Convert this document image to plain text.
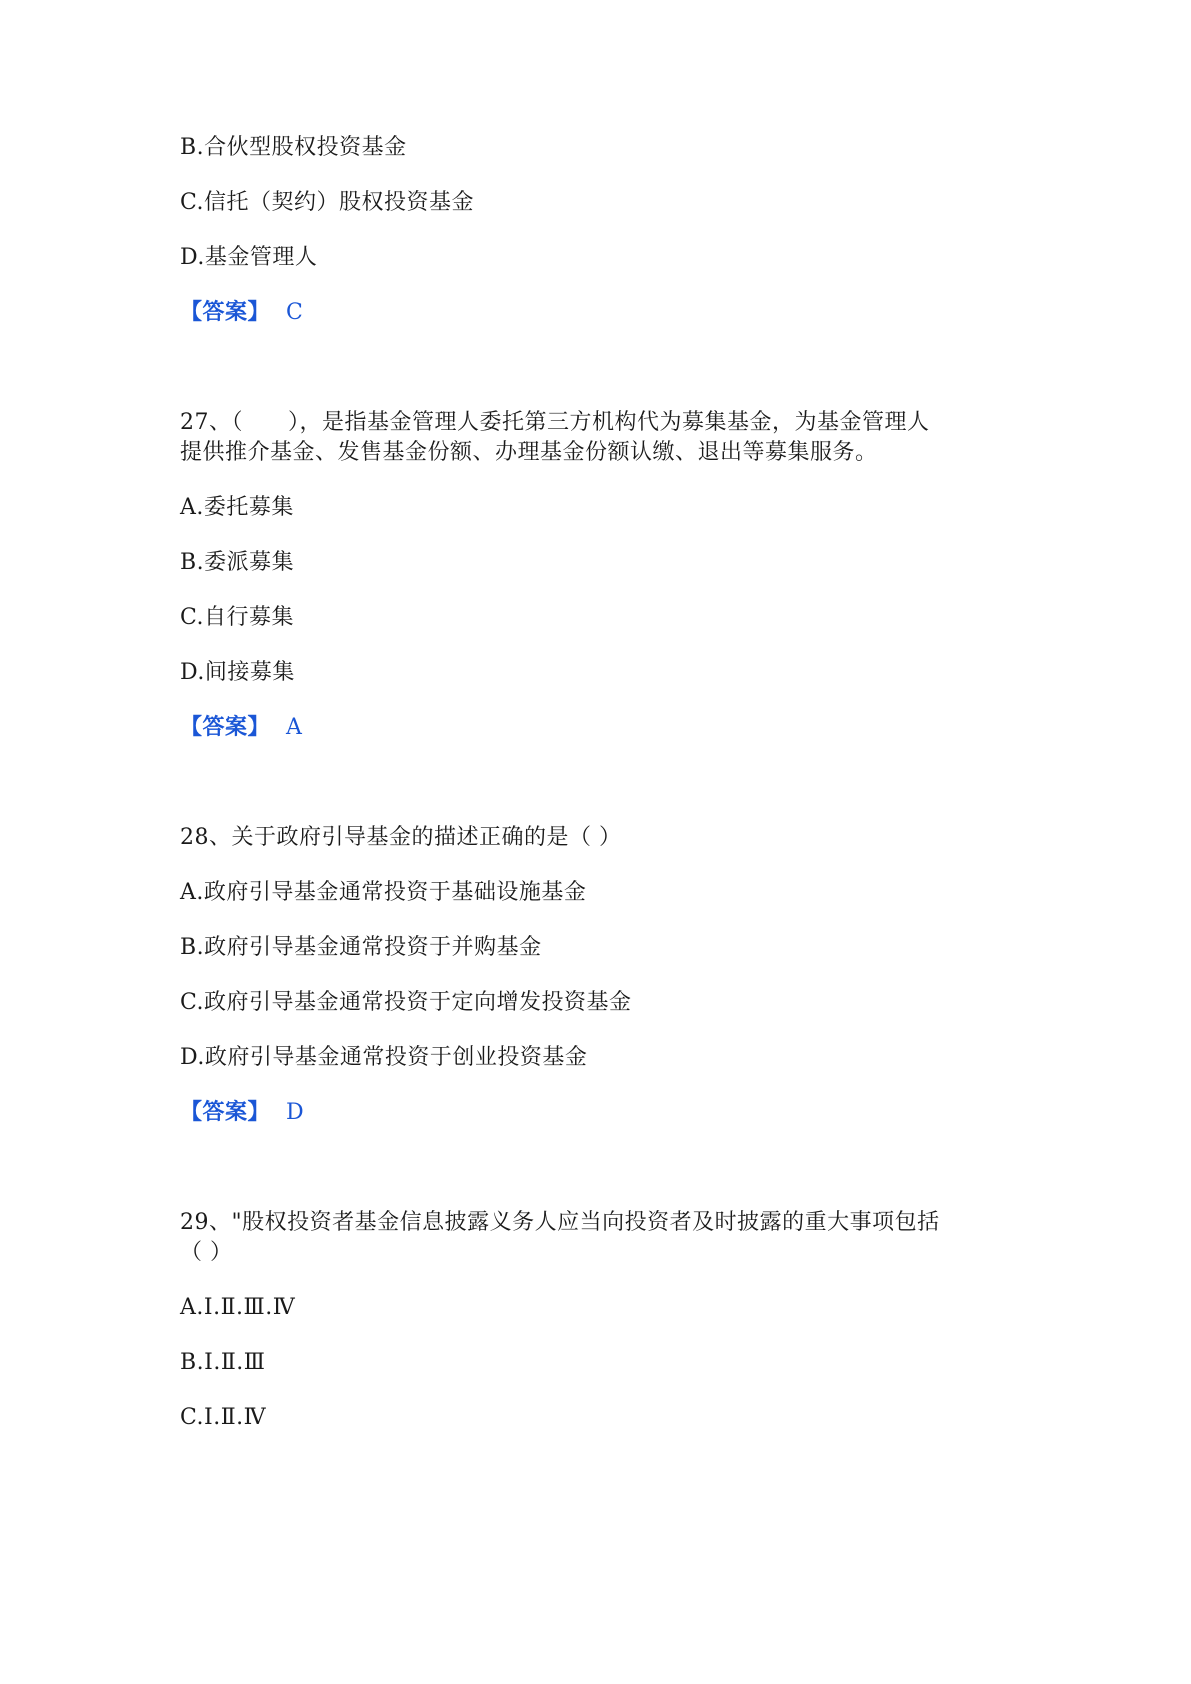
B.合伙型股权投资基金

C.信托（契约）股权投资基金

D.基金管理人

【答案】 C

27、（　　），是指基金管理人委托第三方机构代为募集基金，为基金管理人

提供推介基金、发售基金份额、办理基金份额认缴、退出等募集服务。

A.委托募集

B.委派募集

C.自行募集

D.间接募集

【答案】 A

28、关于政府引导基金的描述正确的是（ ）

A.政府引导基金通常投资于基础设施基金

B.政府引导基金通常投资于并购基金

C.政府引导基金通常投资于定向增发投资基金

D.政府引导基金通常投资于创业投资基金

【答案】 D

29、"股权投资者基金信息披露义务人应当向投资者及时披露的重大事项包括

（ ）

A.Ⅰ.Ⅱ.Ⅲ.Ⅳ

B.Ⅰ.Ⅱ.Ⅲ

C.Ⅰ.Ⅱ.Ⅳ
